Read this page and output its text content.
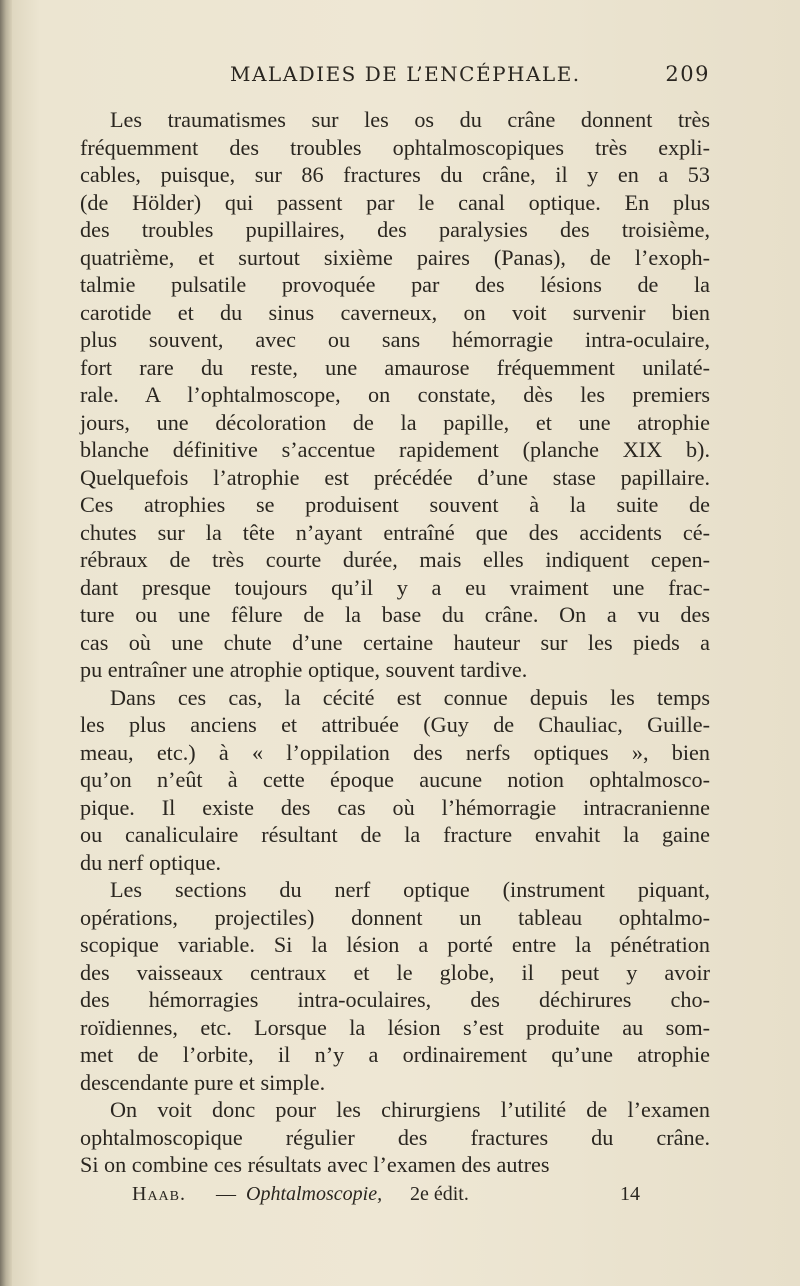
MALADIES DE L’ENCÉPHALE.	209

Les traumatismes sur les os du crâne donnent très
fréquemment des troubles ophtalmoscopiques très expli-
cables, puisque, sur 86 fractures du crâne, il y en a 53
(de Hölder) qui passent par le canal optique. En plus
des troubles pupillaires, des paralysies des troisième,
quatrième, et surtout sixième paires (Panas), de l’exoph-
talmie pulsatile provoquée par des lésions de la
carotide et du sinus caverneux, on voit survenir bien
plus souvent, avec ou sans hémorragie intra-oculaire,
fort rare du reste, une amaurose fréquemment unilaté-
rale. A l’ophtalmoscope, on constate, dès les premiers
jours, une décoloration de la papille, et une atrophie
blanche définitive s’accentue rapidement (planche XIX b).
Quelquefois l’atrophie est précédée d’une stase papillaire.
Ces atrophies se produisent souvent à la suite de
chutes sur la tête n’ayant entraîné que des accidents cé-
rébraux de très courte durée, mais elles indiquent cepen-
dant presque toujours qu’il y a eu vraiment une frac-
ture ou une fêlure de la base du crâne. On a vu des
cas où une chute d’une certaine hauteur sur les pieds a
pu entraîner une atrophie optique, souvent tardive.

Dans ces cas, la cécité est connue depuis les temps
les plus anciens et attribuée (Guy de Chauliac, Guille-
meau, etc.) à « l’oppilation des nerfs optiques », bien
qu’on n’eût à cette époque aucune notion ophtalmosco-
pique. Il existe des cas où l’hémorragie intracranienne
ou canaliculaire résultant de la fracture envahit la gaine
du nerf optique.

Les sections du nerf optique (instrument piquant,
opérations, projectiles) donnent un tableau ophtalmo-
scopique variable. Si la lésion a porté entre la pénétration
des vaisseaux centraux et le globe, il peut y avoir
des hémorragies intra-oculaires, des déchirures cho-
roïdiennes, etc. Lorsque la lésion s’est produite au som-
met de l’orbite, il n’y a ordinairement qu’une atrophie
descendante pure et simple.

On voit donc pour les chirurgiens l’utilité de l’examen
ophtalmoscopique régulier des fractures du crâne.
Si on combine ces résultats avec l’examen des autres

Haab. — Ophtalmoscopie, 2e édit.	14
